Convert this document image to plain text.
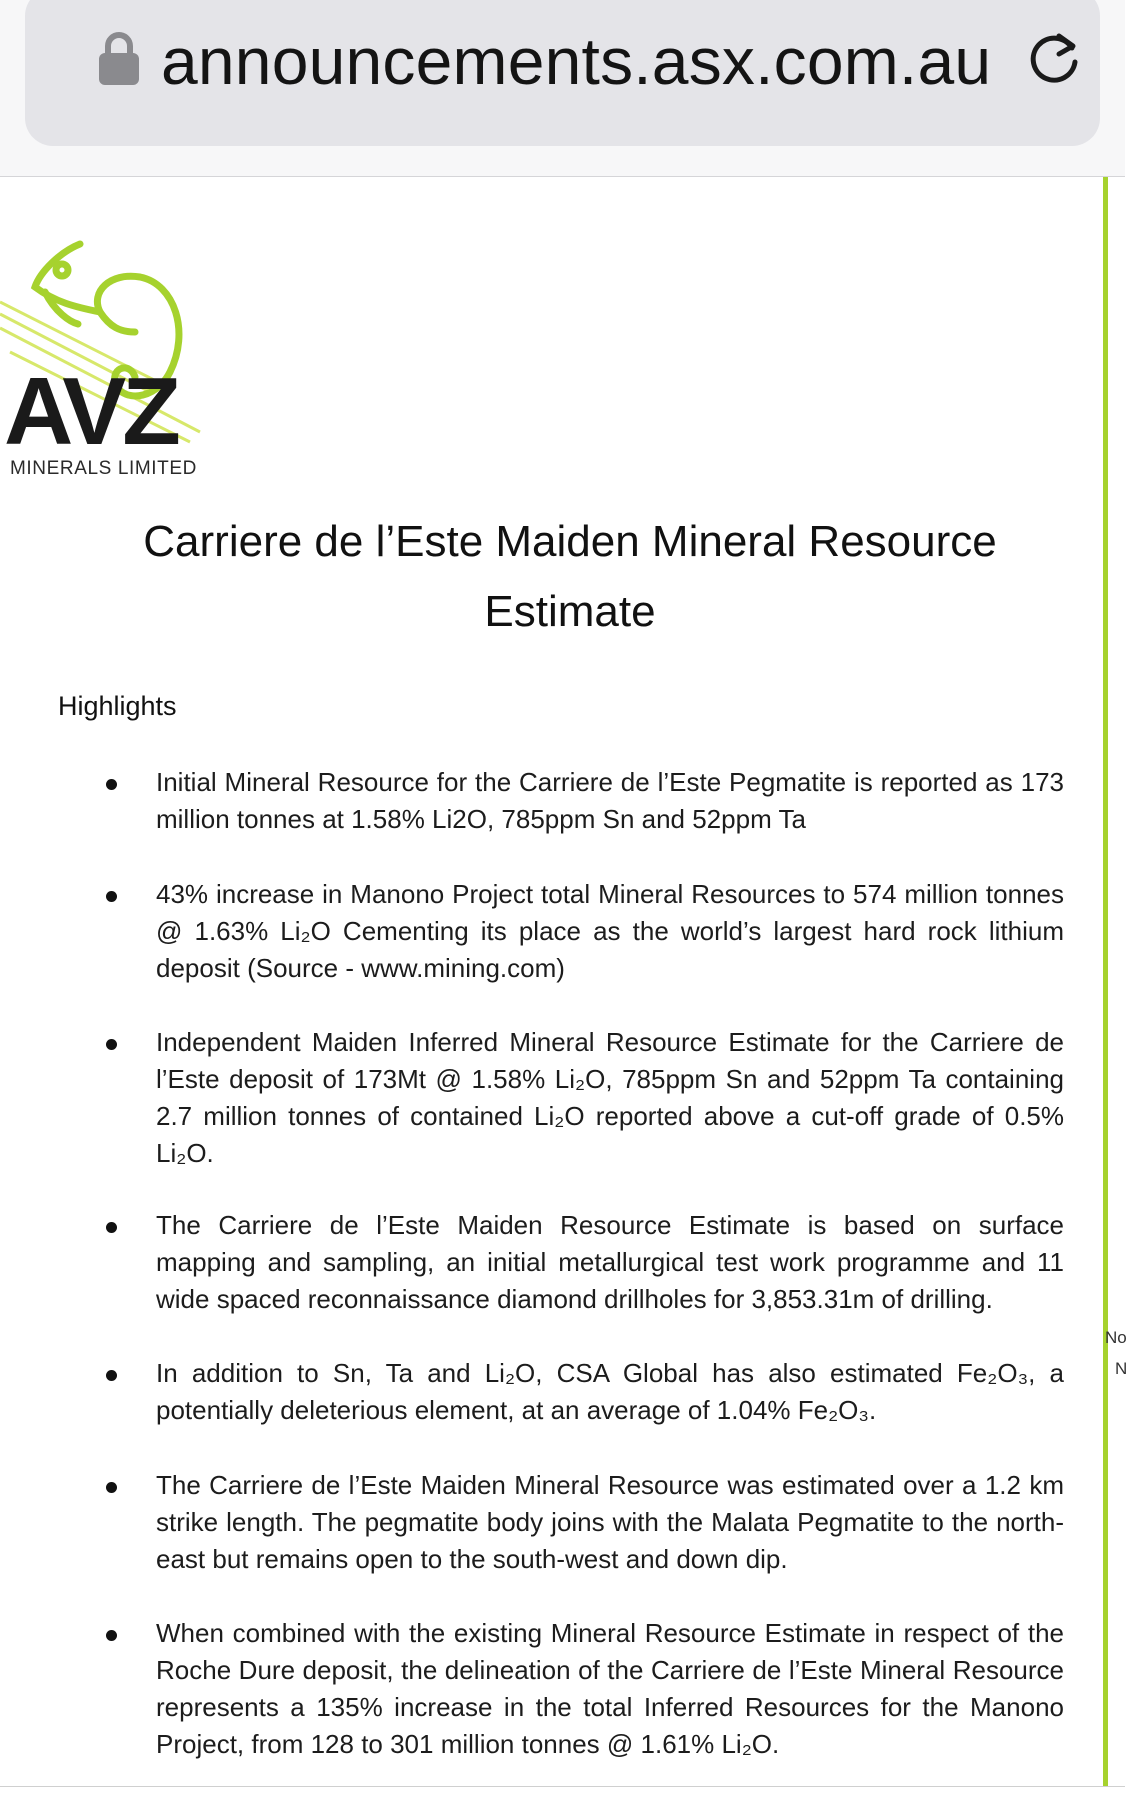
announcements.asx.com.au
No
N
AVZ
MINERALS LIMITED
Carriere de l’Este Maiden Mineral Resource
Estimate
Highlights
Initial Mineral Resource for the Carriere de l’Este Pegmatite is reported as 173 million tonnes at 1.58% Li2O, 785ppm Sn and 52ppm Ta
43% increase in Manono Project total Mineral Resources to 574 million tonnes @ 1.63% Li₂O Cementing its place as the world’s largest hard rock lithium deposit (Source - www.mining.com)
Independent Maiden Inferred Mineral Resource Estimate for the Carriere de l’Este deposit of 173Mt @ 1.58% Li₂O, 785ppm Sn and 52ppm Ta containing 2.7 million tonnes of contained Li₂O reported above a cut-off grade of 0.5% Li₂O.
The Carriere de l’Este Maiden Resource Estimate is based on surface mapping and sampling, an initial metallurgical test work programme and 11 wide spaced reconnaissance diamond drillholes for 3,853.31m of drilling.
In addition to Sn, Ta and Li₂O, CSA Global has also estimated Fe₂O₃, a potentially deleterious element, at an average of 1.04% Fe₂O₃.
The Carriere de l’Este Maiden Mineral Resource was estimated over a 1.2 km strike length. The pegmatite body joins with the Malata Pegmatite to the north-east but remains open to the south-west and down dip.
When combined with the existing Mineral Resource Estimate in respect of the Roche Dure deposit, the delineation of the Carriere de l’Este Mineral Resource represents a 135% increase in the total Inferred Resources for the Manono Project, from 128 to 301 million tonnes @ 1.61% Li₂O.
